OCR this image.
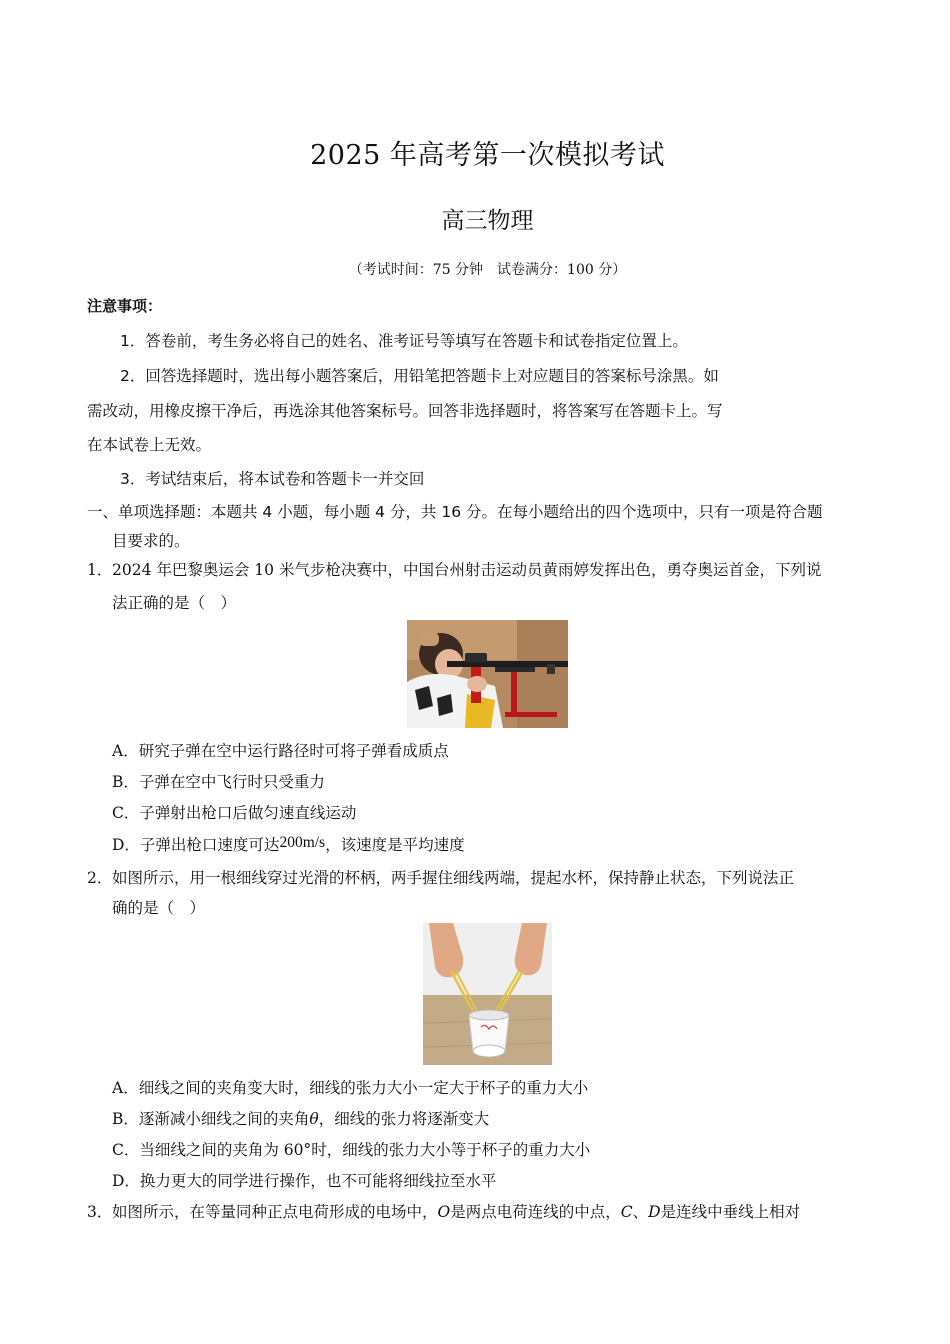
2025 年高考第一次模拟考试
高三物理
（考试时间：75 分钟　试卷满分：100 分）
注意事项：
1．答卷前，考生务必将自己的姓名、准考证号等填写在答题卡和试卷指定位置上。
2．回答选择题时，选出每小题答案后，用铅笔把答题卡上对应题目的答案标号涂黑。如
需改动，用橡皮擦干净后，再选涂其他答案标号。回答非选择题时，将答案写在答题卡上。写
在本试卷上无效。
3．考试结束后，将本试卷和答题卡一并交回
一、单项选择题：本题共 4 小题，每小题 4 分，共 16 分。在每小题给出的四个选项中，只有一项是符合题
目要求的。
1． 2024 年巴黎奥运会 10 米气步枪决赛中，中国台州射击运动员黄雨婷发挥出色，勇夺奥运首金，下列说
法正确的是（　）
A．研究子弹在空中运行路径时可将子弹看成质点
B．子弹在空中飞行时只受重力
C．子弹射出枪口后做匀速直线运动
D．子弹出枪口速度可达200m/s，该速度是平均速度
2． 如图所示，用一根细线穿过光滑的杯柄，两手握住细线两端，提起水杯，保持静止状态，下列说法正
确的是（　）
A．细线之间的夹角变大时，细线的张力大小一定大于杯子的重力大小
B．逐渐减小细线之间的夹角θ，细线的张力将逐渐变大
C．当细线之间的夹角为 60°时，细线的张力大小等于杯子的重力大小
D．换力更大的同学进行操作，也不可能将细线拉至水平
3． 如图所示，在等量同种正点电荷形成的电场中，O是两点电荷连线的中点，C、D是连线中垂线上相对
